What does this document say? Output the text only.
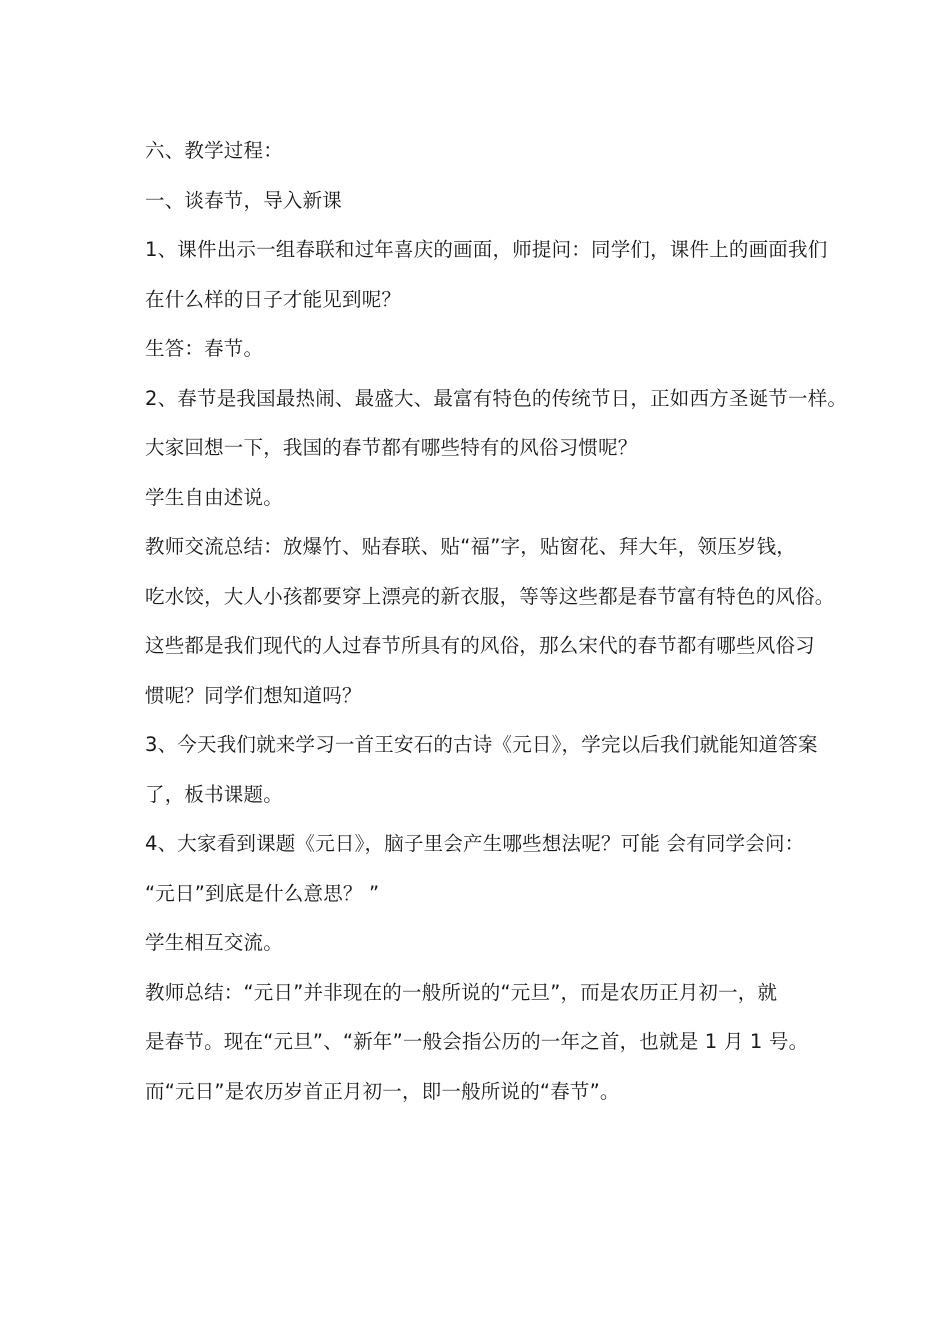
六、教学过程：
一、谈春节，导入新课
1、课件出示一组春联和过年喜庆的画面，师提问：同学们，课件上的画面我们
在什么样的日子才能见到呢？
生答：春节。
2、春节是我国最热闹、最盛大、最富有特色的传统节日，正如西方圣诞节一样。
大家回想一下，我国的春节都有哪些特有的风俗习惯呢？
学生自由述说。
教师交流总结：放爆竹、贴春联、贴“福”字，贴窗花、拜大年，领压岁钱，
吃水饺，大人小孩都要穿上漂亮的新衣服，等等这些都是春节富有特色的风俗。
这些都是我们现代的人过春节所具有的风俗，那么宋代的春节都有哪些风俗习
惯呢？同学们想知道吗？
3、今天我们就来学习一首王安石的古诗《元日》，学完以后我们就能知道答案
了，板书课题。
4、大家看到课题《元日》，脑子里会产生哪些想法呢？可能 会有同学会问：
“元日”到底是什么意思？ ”
学生相互交流。
教师总结：“元日”并非现在的一般所说的“元旦”，而是农历正月初一，就
是春节。现在“元旦”、“新年”一般会指公历的一年之首，也就是 1 月 1 号。
而“元日”是农历岁首正月初一，即一般所说的“春节”。
